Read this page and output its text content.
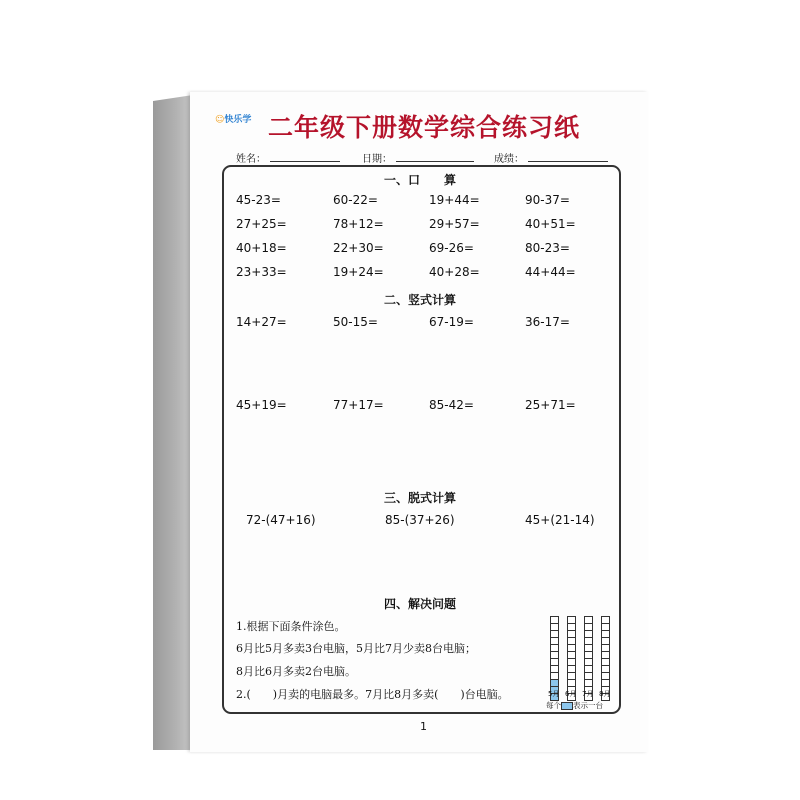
☺快乐学 二年级下册数学综合练习纸
姓名：	日期：	成绩：
一、口　　算
45-23=	60-22=	19+44=	90-37=
27+25=	78+12=	29+57=	40+51=
40+18=	22+30=	69-26=	80-23=
23+33=	19+24=	40+28=	44+44=
二、竖式计算
14+27=	50-15=	67-19=	36-17=
45+19=	77+17=	85-42=	25+71=
三、脱式计算
72-(47+16)	85-(37+26)	45+(21-14)
四、解决问题
1.根据下面条件涂色。
6月比5月多卖3台电脑，5月比7月少卖8台电脑；
8月比6月多卖2台电脑。
2.(　　)月卖的电脑最多。7月比8月多卖(　　)台电脑。	5月 6月 7月 8月
每个 表示一台
1
